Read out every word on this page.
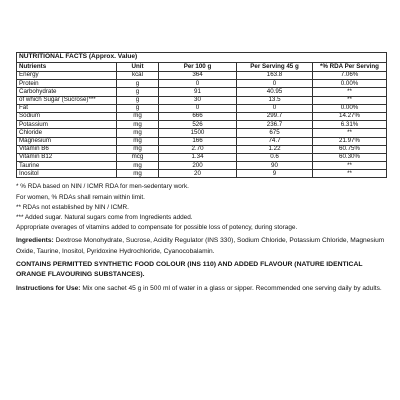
NUTRITIONAL FACTS (Approx. Value)				
Nutrients	Unit	Per 100 g	Per Serving 45 g	*% RDA Per Serving
Energy	kcal	364	163.8	7.06%
Protein	g	0	0	0.00%
Carbohydrate	g	91	40.95	**
of which Sugar (Sucrose)***	g	30	13.5	**
Fat	g	0	0	0.00%
Sodium	mg	666	299.7	14.27%
Potassium	mg	526	236.7	6.31%
Chloride	mg	1500	675	**
Magnesium	mg	166	74.7	21.97%
Vitamin B6	mg	2.70	1.22	60.75%
Vitamin B12	mcg	1.34	0.6	60.30%
Taurine	mg	200	90	**
Inositol	mg	20	9	**

* % RDA based on NIN / ICMR RDA for men-sedentary work.

For women, % RDAs shall remain within limit.

** RDAs not established by NIN / ICMR.

*** Added sugar. Natural sugars come from Ingredients added.

Appropriate overages of vitamins added to compensate for possible loss of potency, during storage.

Ingredients: Dextrose Monohydrate, Sucrose, Acidity Regulator (INS 330), Sodium Chloride, Potassium Chloride, Magnesium Oxide, Taurine, Inositol, Pyridoxine Hydrochloride, Cyanocobalamin.
CONTAINS PERMITTED SYNTHETIC FOOD COLOUR (INS 110) AND ADDED FLAVOUR (NATURE IDENTICAL ORANGE FLAVOURING SUBSTANCES).
Instructions for Use: Mix one sachet 45 g in 500 ml of water in a glass or sipper. Recommended one serving daily by adults.
